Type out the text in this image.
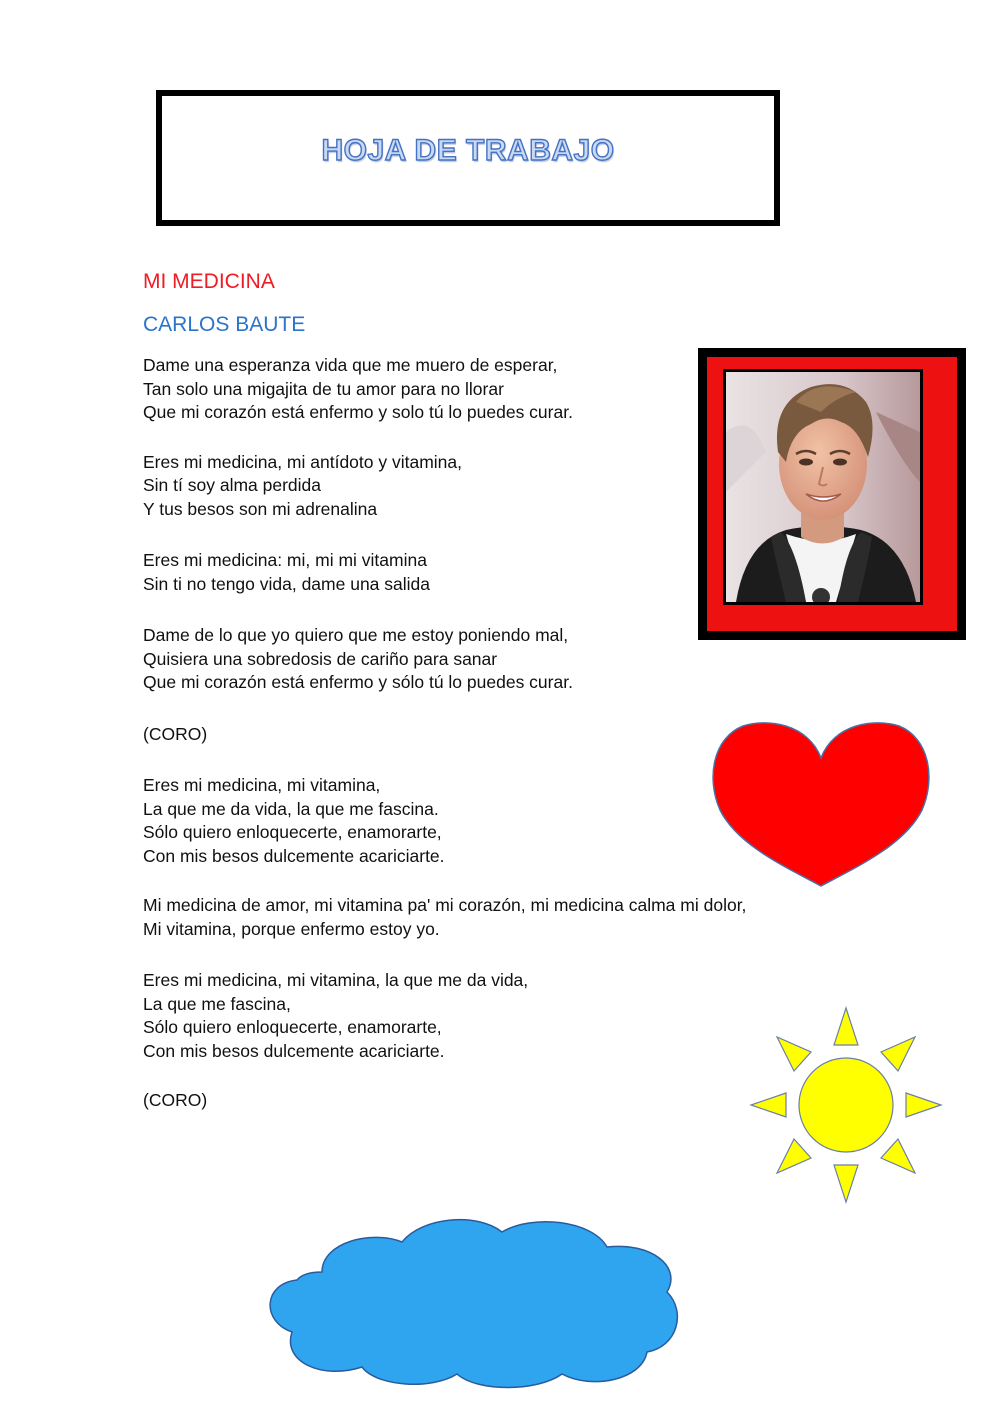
HOJA DE TRABAJO
MI MEDICINA
CARLOS BAUTE
Dame una esperanza vida que me muero de esperar,
Tan solo una migajita de tu amor para no llorar
Que mi corazón está enfermo y solo tú lo puedes curar.
Eres mi medicina, mi antídoto y vitamina,
Sin tí soy alma perdida
Y tus besos son mi adrenalina
Eres mi medicina: mi, mi mi vitamina
Sin ti no tengo vida, dame una salida
Dame de lo que yo quiero que me estoy poniendo mal,
Quisiera una sobredosis de cariño para sanar
Que mi corazón está enfermo y sólo tú lo puedes curar.
(CORO)
Eres mi medicina, mi vitamina,
La que me da vida, la que me fascina.
Sólo quiero enloquecerte, enamorarte,
Con mis besos dulcemente acariciarte.
Mi medicina de amor, mi vitamina pa' mi corazón, mi medicina calma mi dolor,
Mi vitamina, porque enfermo estoy yo.
Eres mi medicina, mi vitamina, la que me da vida,
La que me fascina,
Sólo quiero enloquecerte, enamorarte,
Con mis besos dulcemente acariciarte.
(CORO)
